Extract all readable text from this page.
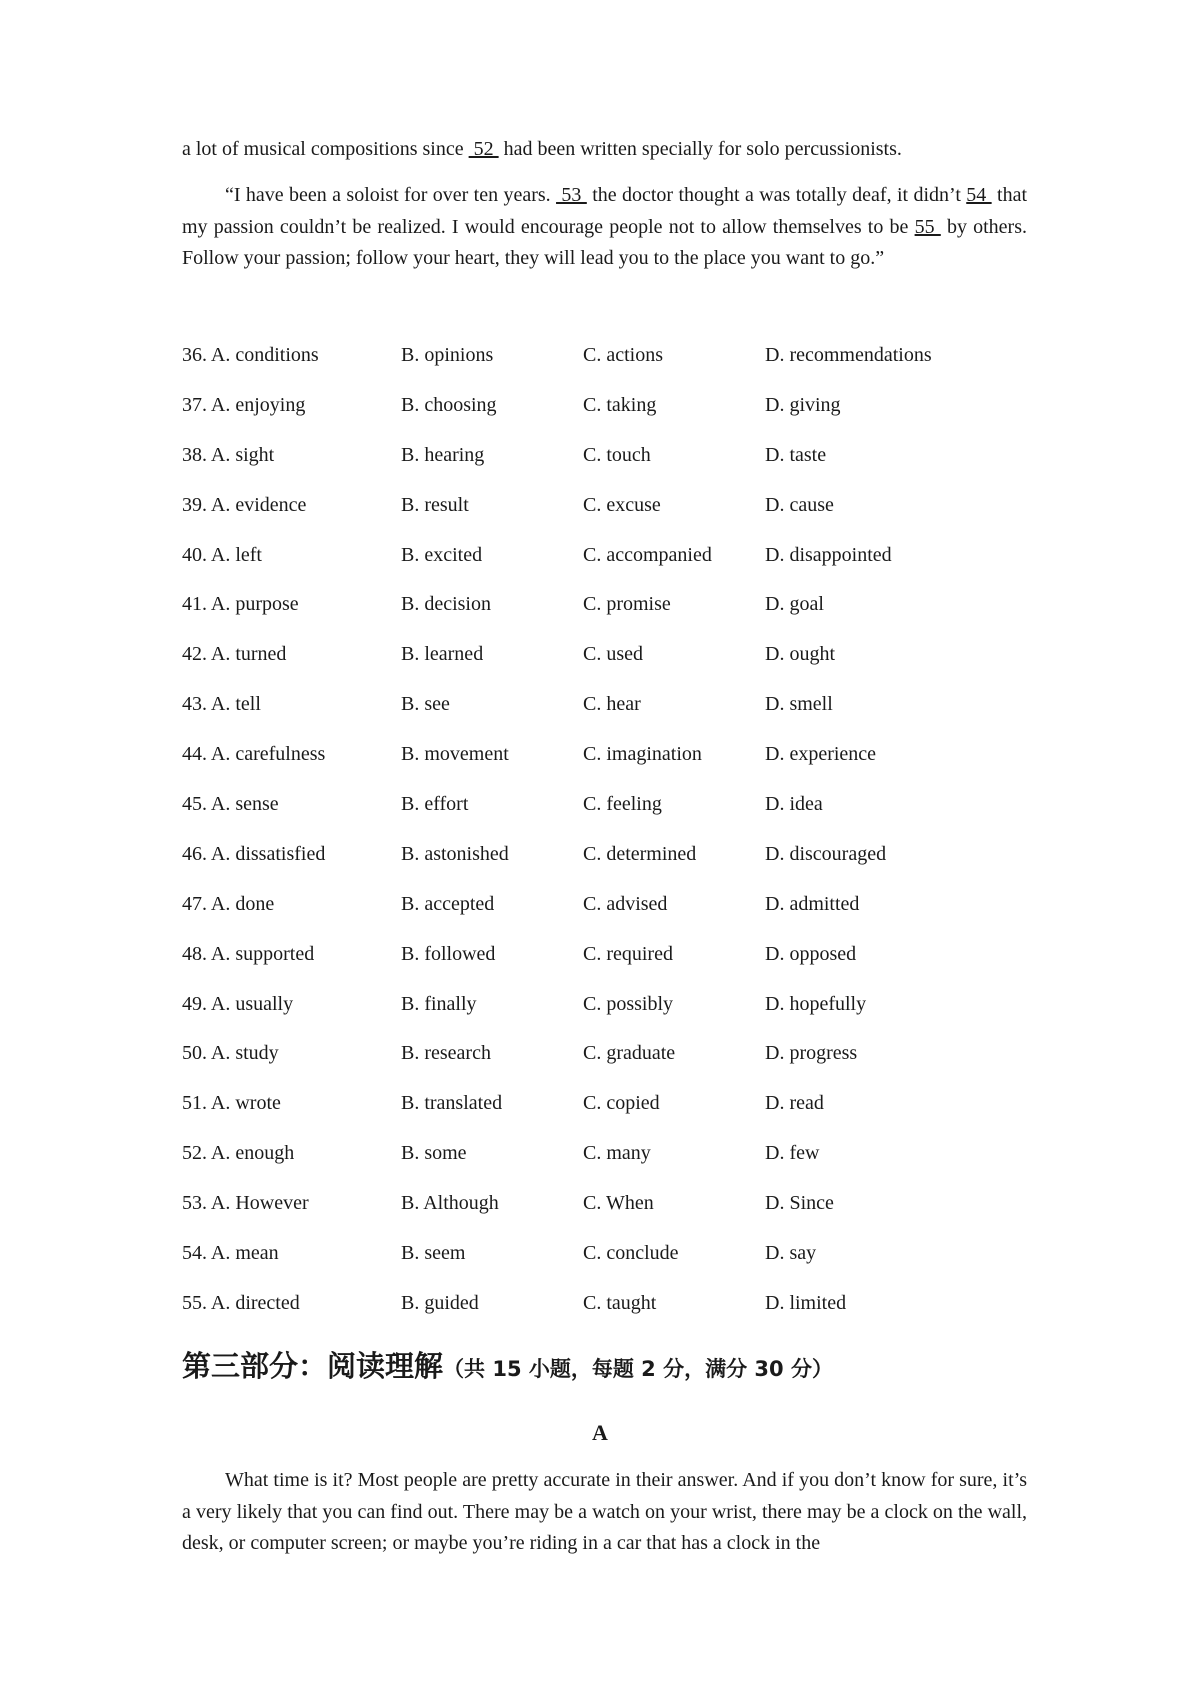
a lot of musical compositions since  52  had been written specially for solo percussionists.

“I have been a soloist for over ten years.  53  the doctor thought a was totally deaf, it didn’t 54  that my passion couldn’t be realized. I would encourage people not to allow themselves to be 55  by others. Follow your passion; follow your heart, they will lead you to the place you want to go.”

36. A. conditions	B. opinions	C. actions	D. recommendations
37. A. enjoying	B. choosing	C. taking	D. giving
38. A. sight	B. hearing	C. touch	D. taste
39. A. evidence	B. result	C. excuse	D. cause
40. A. left	B. excited	C. accompanied	D. disappointed
41. A. purpose	B. decision	C. promise	D. goal
42. A. turned	B. learned	C. used	D. ought
43. A. tell	B. see	C. hear	D. smell
44. A. carefulness	B. movement	C. imagination	D. experience
45. A. sense	B. effort	C. feeling	D. idea
46. A. dissatisfied	B. astonished	C. determined	D. discouraged
47. A. done	B. accepted	C. advised	D. admitted
48. A. supported	B. followed	C. required	D. opposed
49. A. usually	B. finally	C. possibly	D. hopefully
50. A. study	B. research	C. graduate	D. progress
51. A. wrote	B. translated	C. copied	D. read
52. A. enough	B. some	C. many	D. few
53. A. However	B. Although	C. When	D. Since
54. A. mean	B. seem	C. conclude	D. say
55. A. directed	B. guided	C. taught	D. limited
第三部分：阅读理解（共 15 小题，每题 2 分，满分 30 分）
A

What time is it? Most people are pretty accurate in their answer. And if you don’t know for sure, it’s a very likely that you can find out. There may be a watch on your wrist, there may be a clock on the wall, desk, or computer screen; or maybe you’re riding in a car that has a clock in the
